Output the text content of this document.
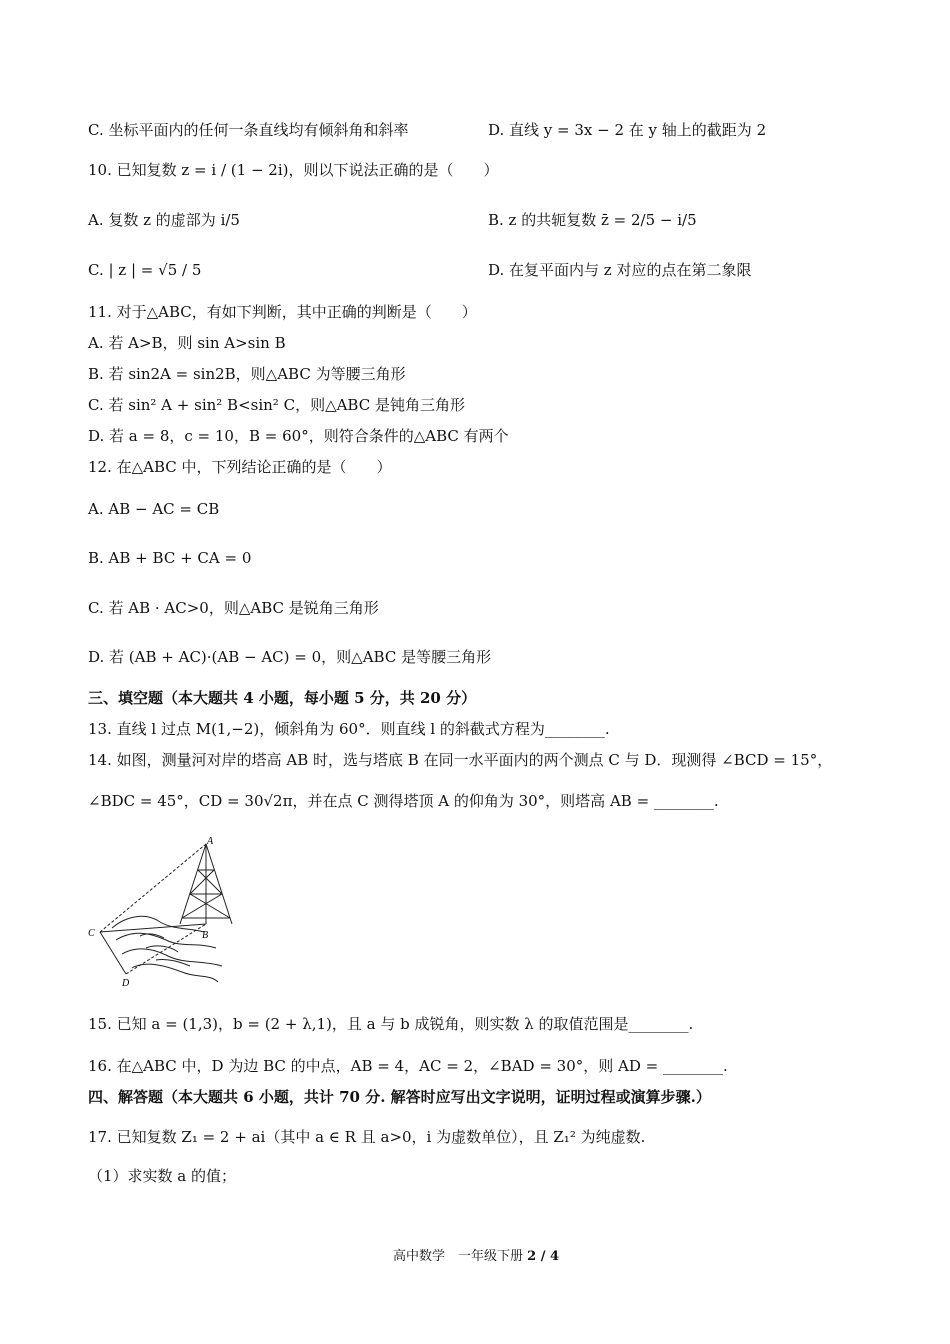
C. 坐标平面内的任何一条直线均有倾斜角和斜率	D. 直线 y = 3x − 2 在 y 轴上的截距为 2
10. 已知复数 z = i / (1 − 2i)，则以下说法正确的是（　　）
A. 复数 z 的虚部为 i/5	B. z 的共轭复数 z̄ = 2/5 − i/5
C. | z | = √5 / 5	D. 在复平面内与 z 对应的点在第二象限
11. 对于△ABC，有如下判断，其中正确的判断是（　　）
A. 若 A>B，则 sin A>sin B
B. 若 sin2A = sin2B，则△ABC 为等腰三角形
C. 若 sin² A + sin² B<sin² C，则△ABC 是钝角三角形
D. 若 a = 8，c = 10，B = 60°，则符合条件的△ABC 有两个
12. 在△ABC 中，下列结论正确的是（　　）
A. AB − AC = CB
B. AB + BC + CA = 0
C. 若 AB · AC>0，则△ABC 是锐角三角形
D. 若 (AB + AC)·(AB − AC) = 0，则△ABC 是等腰三角形
三、填空题（本大题共 4 小题，每小题 5 分，共 20 分）
13. 直线 l 过点 M(1,−2)，倾斜角为 60°．则直线 l 的斜截式方程为________.
14. 如图，测量河对岸的塔高 AB 时，选与塔底 B 在同一水平面内的两个测点 C 与 D．现测得 ∠BCD = 15°，
∠BDC = 45°，CD = 30√2π，并在点 C 测得塔顶 A 的仰角为 30°，则塔高 AB = ________.
A
B
C
D
15. 已知 a = (1,3)，b = (2 + λ,1)，且 a 与 b 成锐角，则实数 λ 的取值范围是________.
16. 在△ABC 中，D 为边 BC 的中点，AB = 4，AC = 2，∠BAD = 30°，则 AD = ________.
四、解答题（本大题共 6 小题，共计 70 分. 解答时应写出文字说明，证明过程或演算步骤.）
17. 已知复数 Z₁ = 2 + ai（其中 a ∈ R 且 a>0，i 为虚数单位），且 Z₁² 为纯虚数.
（1）求实数 a 的值；
高中数学　一年级下册 2 / 4
